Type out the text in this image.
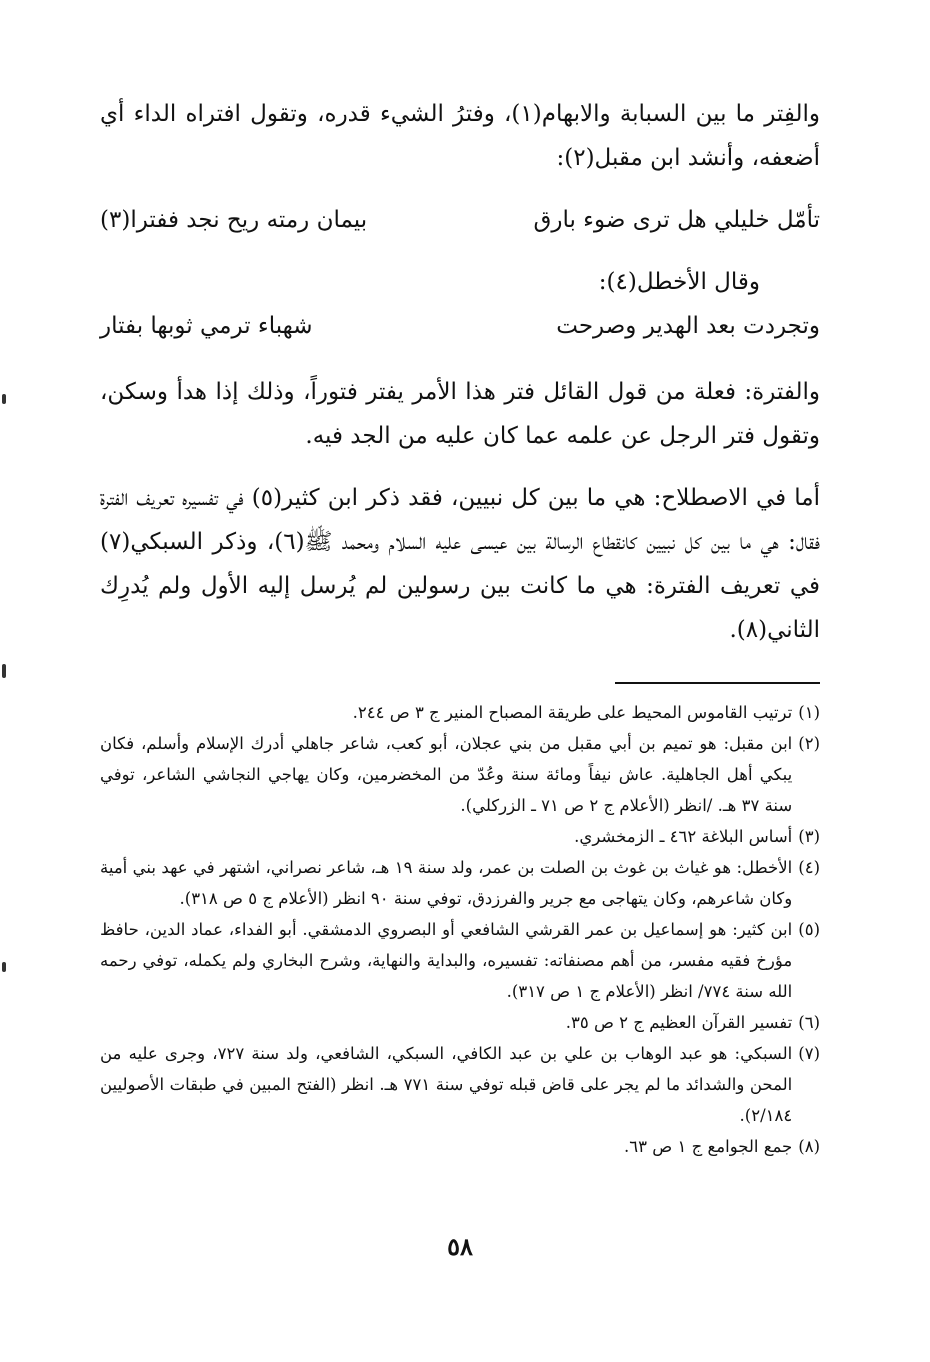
والفِتر ما بين السبابة والابهام(١)، وفترُ الشيء قدره، وتقول افتراه الداء أي أضعفه، وأنشد ابن مقبل(٢):

تأمّل خليلي هل ترى ضوء بارق
بيمان رمته ريح نجد ففترا(٣)
وقال الأخطل(٤):
وتجردت بعد الهدير وصرحت
شهباء ترمي ثوبها بفتار

والفترة: فعلة من قول القائل فتر هذا الأمر يفتر فتوراً، وذلك إذا هدأ وسكن، وتقول فتر الرجل عن علمه عما كان عليه من الجد فيه.

أما في الاصطلاح: هي ما بين كل نبيين، فقد ذكر ابن كثير(٥) في تفسيره تعريف الفترة فقال: هي ما بين كل نبيين كانقطاع الرسالة بين عيسى عليه السلام ومحمد ﷺ(٦)، وذكر السبكي(٧) في تعريف الفترة: هي ما كانت بين رسولين لم يُرسل إليه الأول ولم يُدرِك الثاني(٨).

(١)
ترتيب القاموس المحيط على طريقة المصباح المنير ج ٣ ص ٢٤٤.
(٢)
ابن مقبل: هو تميم بن أبي مقبل من بني عجلان، أبو كعب، شاعر جاهلي أدرك الإسلام وأسلم، فكان يبكي أهل الجاهلية. عاش نيفاً ومائة سنة وعُدّ من المخضرمين، وكان يهاجي النجاشي الشاعر، توفي سنة ٣٧ هـ. /انظر (الأعلام ج ٢ ص ٧١ ـ الزركلي).
(٣)
أساس البلاغة ٤٦٢ ـ الزمخشري.
(٤)
الأخطل: هو غياث بن غوث بن الصلت بن عمر، ولد سنة ١٩ هـ، شاعر نصراني، اشتهر في عهد بني أمية وكان شاعرهم، وكان يتهاجى مع جرير والفرزدق، توفي سنة ٩٠ انظر (الأعلام ج ٥ ص ٣١٨).
(٥)
ابن كثير: هو إسماعيل بن عمر القرشي الشافعي أو البصروي الدمشقي. أبو الفداء، عماد الدين، حافظ مؤرخ فقيه مفسر، من أهم مصنفاته: تفسيره، والبداية والنهاية، وشرح البخاري ولم يكمله، توفي رحمه الله سنة ٧٧٤/ انظر (الأعلام ج ١ ص ٣١٧).
(٦)
تفسير القرآن العظيم ج ٢ ص ٣٥.
(٧)
السبكي: هو عبد الوهاب بن علي بن عبد الكافي، السبكي، الشافعي، ولد سنة ٧٢٧، وجرى عليه من المحن والشدائد ما لم يجر على قاض قبله توفي سنة ٧٧١ هـ. انظر (الفتح المبين في طبقات الأصوليين ٢/١٨٤).
(٨)
جمع الجوامع ج ١ ص ٦٣.
٥٨
